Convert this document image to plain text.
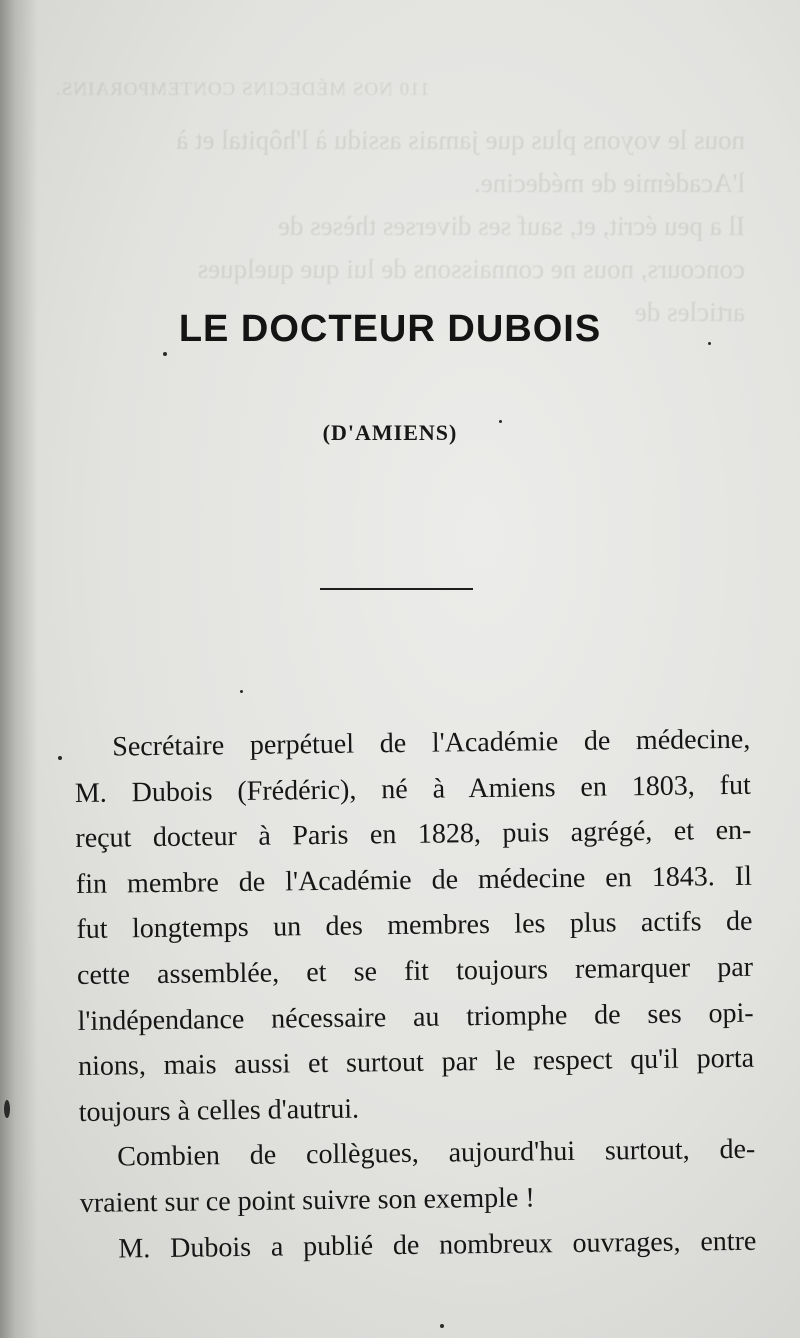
110 NOS MÉDECINS CONTEMPORAINS.

nous le voyons plus que jamais assidu à l'hôpital et à

l'Académie de médecine.

Il a peu écrit, et, sauf ses diverses thèses de

concours, nous ne connaissons de lui que quelques

articles de

LE DOCTEUR DUBOIS
(D'AMIENS)
Secrétaire perpétuel de l'Académie de médecine,
M. Dubois (Frédéric), né à Amiens en 1803, fut
reçut docteur à Paris en 1828, puis agrégé, et en-
fin membre de l'Académie de médecine en 1843. Il
fut longtemps un des membres les plus actifs de
cette assemblée, et se fit toujours remarquer par
l'indépendance nécessaire au triomphe de ses opi-
nions, mais aussi et surtout par le respect qu'il porta
toujours à celles d'autrui.
Combien de collègues, aujourd'hui surtout, de-
vraient sur ce point suivre son exemple !
M. Dubois a publié de nombreux ouvrages, entre
